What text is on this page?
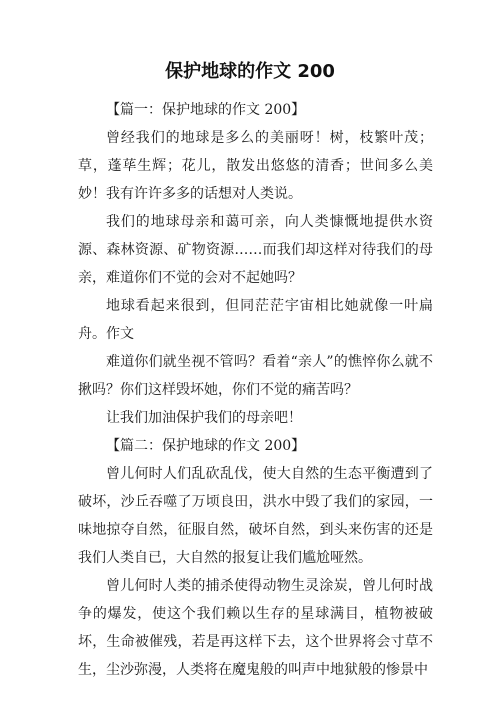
保护地球的作文 200

【篇一：保护地球的作文 200】

曾经我们的地球是多么的美丽呀！树，枝繁叶茂；草，蓬荜生辉；花儿，散发出悠悠的清香；世间多么美妙！我有许许多多的话想对人类说。

我们的地球母亲和蔼可亲，向人类慷慨地提供水资源、森林资源、矿物资源……而我们却这样对待我们的母亲，难道你们不觉的会对不起她吗？

地球看起来很到，但同茫茫宇宙相比她就像一叶扁舟。作文

难道你们就坐视不管吗？看着“亲人”的憔悴你么就不揪吗？你们这样毁坏她，你们不觉的痛苦吗？

让我们加油保护我们的母亲吧！

【篇二：保护地球的作文 200】

曾儿何时人们乱砍乱伐，使大自然的生态平衡遭到了破坏，沙丘吞噬了万顷良田，洪水中毁了我们的家园，一味地掠夺自然，征服自然，破坏自然，到头来伤害的还是我们人类自已，大自然的报复让我们尴尬哑然。

曾儿何时人类的捕杀使得动物生灵涂炭，曾儿何时战争的爆发，使这个我们赖以生存的星球满目，植物被破坏，生命被催残，若是再这样下去，这个世界将会寸草不生，尘沙弥漫，人类将在魔鬼般的叫声中地狱般的惨景中
